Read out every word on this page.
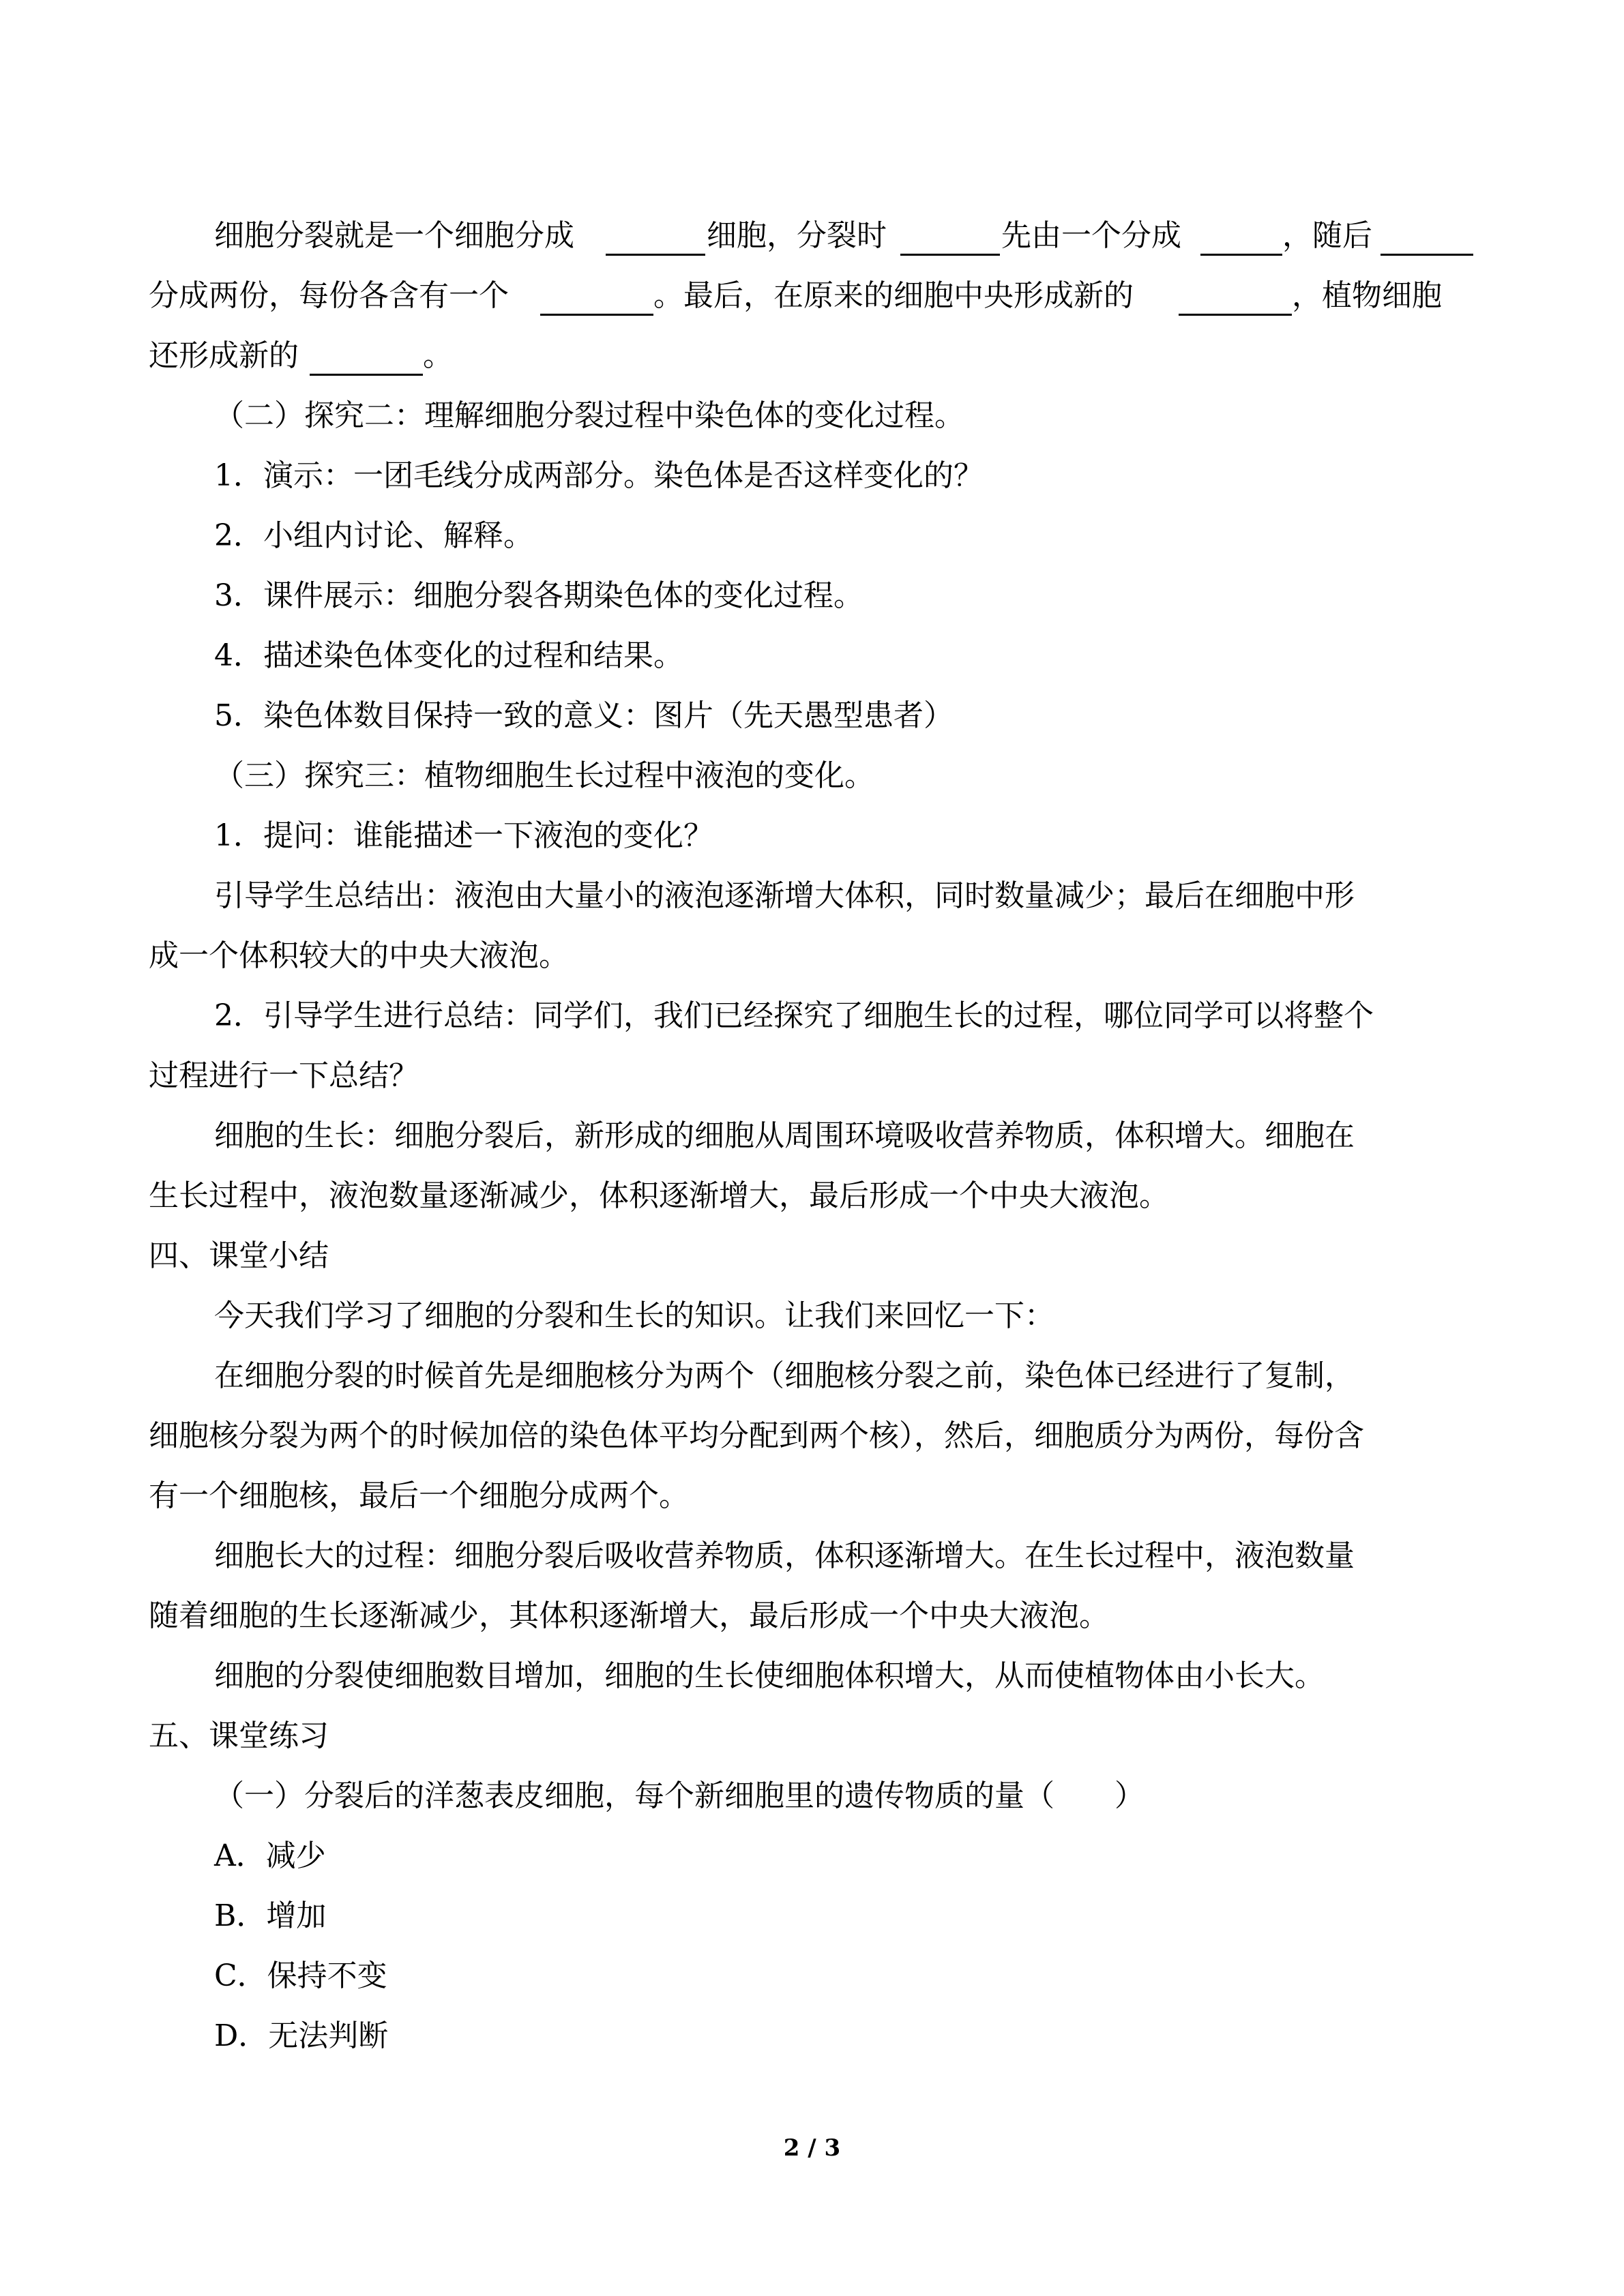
细胞分裂就是一个细胞分成	细胞，分裂时	先由一个分成	，随后
分成两份，每份各含有一个	。最后，在原来的细胞中央形成新的	，植物细胞
还形成新的	。
（二）探究二：理解细胞分裂过程中染色体的变化过程。
1．演示：一团毛线分成两部分。染色体是否这样变化的？
2．小组内讨论、解释。
3．课件展示：细胞分裂各期染色体的变化过程。
4．描述染色体变化的过程和结果。
5．染色体数目保持一致的意义：图片（先天愚型患者）
（三）探究三：植物细胞生长过程中液泡的变化。
1．提问：谁能描述一下液泡的变化？
引导学生总结出：液泡由大量小的液泡逐渐增大体积，同时数量减少；最后在细胞中形
成一个体积较大的中央大液泡。
2．引导学生进行总结：同学们，我们已经探究了细胞生长的过程，哪位同学可以将整个
过程进行一下总结？
细胞的生长：细胞分裂后，新形成的细胞从周围环境吸收营养物质，体积增大。细胞在
生长过程中，液泡数量逐渐减少，体积逐渐增大，最后形成一个中央大液泡。
四、课堂小结
今天我们学习了细胞的分裂和生长的知识。让我们来回忆一下：
在细胞分裂的时候首先是细胞核分为两个（细胞核分裂之前，染色体已经进行了复制，
细胞核分裂为两个的时候加倍的染色体平均分配到两个核），然后，细胞质分为两份，每份含
有一个细胞核，最后一个细胞分成两个。
细胞长大的过程：细胞分裂后吸收营养物质，体积逐渐增大。在生长过程中，液泡数量
随着细胞的生长逐渐减少，其体积逐渐增大，最后形成一个中央大液泡。
细胞的分裂使细胞数目增加，细胞的生长使细胞体积增大，从而使植物体由小长大。
五、课堂练习
（一）分裂后的洋葱表皮细胞，每个新细胞里的遗传物质的量（　　）
A．减少
B．增加
C．保持不变
D．无法判断
2 / 3
